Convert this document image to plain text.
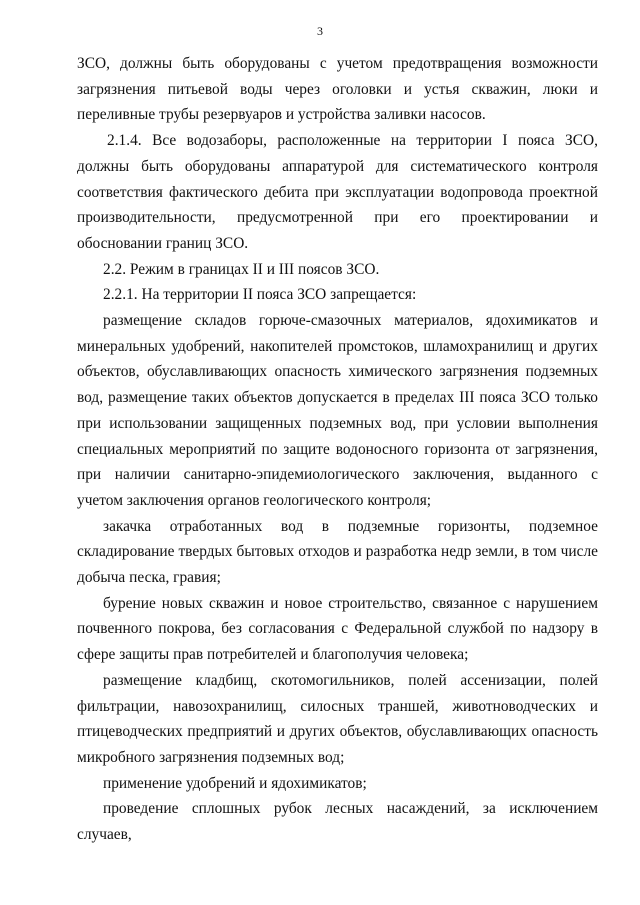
3

ЗСО, должны быть оборудованы с учетом предотвращения возможности загрязнения питьевой воды через оголовки и устья скважин, люки и переливные трубы резервуаров и устройства заливки насосов.

2.1.4. Все водозаборы, расположенные на территории I пояса ЗСО, должны быть оборудованы аппаратурой для систематического контроля соответствия фактического дебита при эксплуатации водопровода проектной производительности, предусмотренной при его проектировании и обосновании границ ЗСО.

2.2. Режим в границах II и III поясов ЗСО.

2.2.1. На территории II пояса ЗСО запрещается:

размещение складов горюче-смазочных материалов, ядохимикатов и минеральных удобрений, накопителей промстоков, шламохранилищ и других объектов, обуславливающих опасность химического загрязнения подземных вод, размещение таких объектов допускается в пределах III пояса ЗСО только при использовании защищенных подземных вод, при условии выполнения специальных мероприятий по защите водоносного горизонта от загрязнения, при наличии санитарно-эпидемиологического заключения, выданного с учетом заключения органов геологического контроля;

закачка отработанных вод в подземные горизонты, подземное складирование твердых бытовых отходов и разработка недр земли, в том числе добыча песка, гравия;

бурение новых скважин и новое строительство, связанное с нарушением почвенного покрова, без согласования с Федеральной службой по надзору в сфере защиты прав потребителей и благополучия человека;

размещение кладбищ, скотомогильников, полей ассенизации, полей фильтрации, навозохранилищ, силосных траншей, животноводческих и птицеводческих предприятий и других объектов, обуславливающих опасность микробного загрязнения подземных вод;

применение удобрений и ядохимикатов;

проведение сплошных рубок лесных насаждений, за исключением случаев,
